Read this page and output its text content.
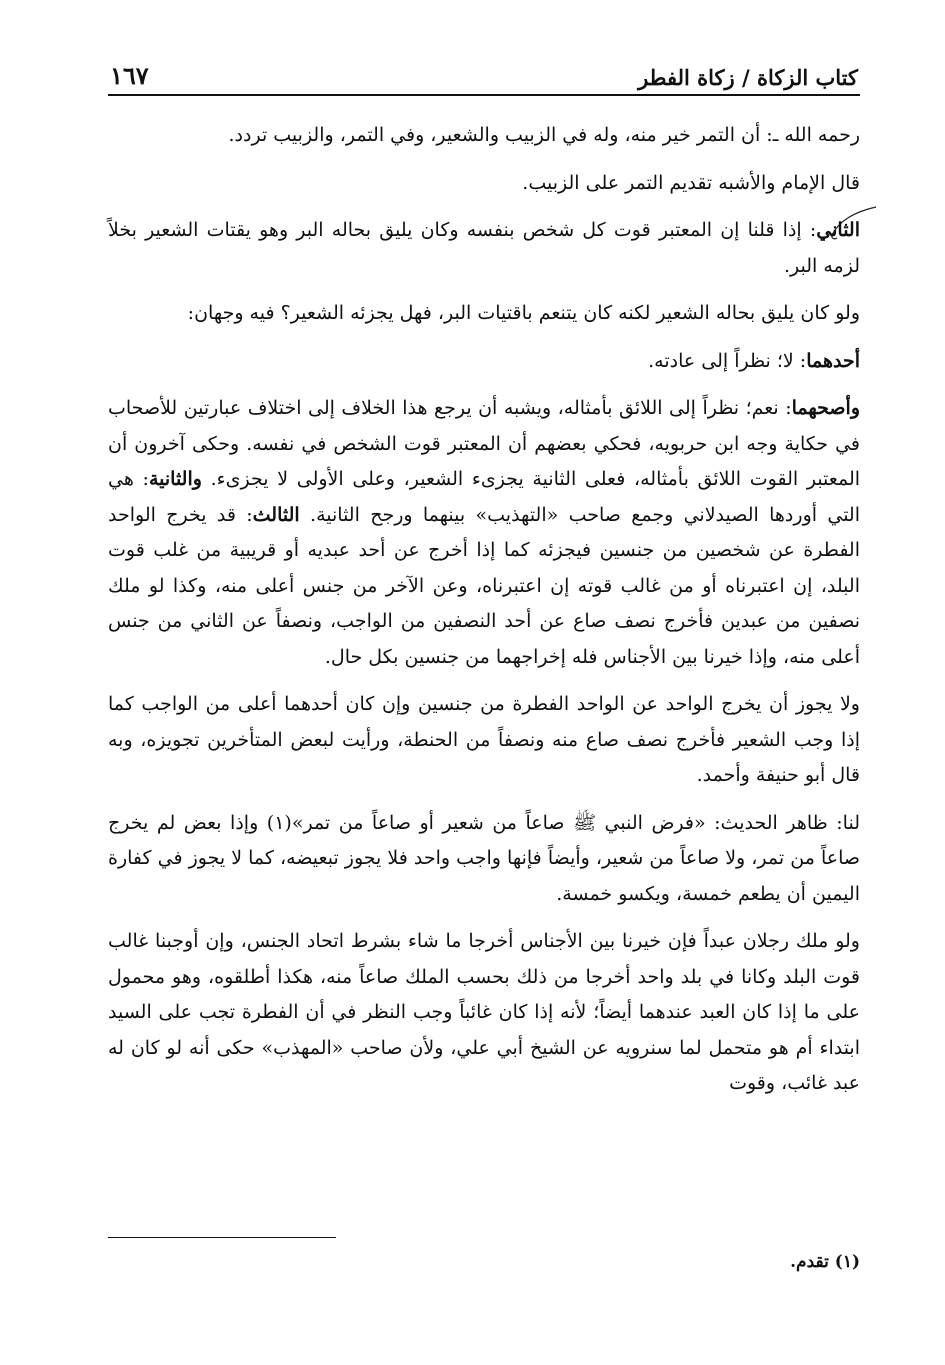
كتاب الزكاة / زكاة الفطر
١٦٧

رحمه الله ـ: أن التمر خير منه، وله في الزبيب والشعير، وفي التمر، والزبيب تردد.

قال الإمام والأشبه تقديم التمر على الزبيب.

الثاني: إذا قلنا إن المعتبر قوت كل شخص بنفسه وكان يليق بحاله البر وهو يقتات الشعير بخلاً لزمه البر.

ولو كان يليق بحاله الشعير لكنه كان يتنعم باقتيات البر، فهل يجزئه الشعير؟ فيه وجهان:

أحدهما: لا؛ نظراً إلى عادته.

وأصحهما: نعم؛ نظراً إلى اللائق بأمثاله، ويشبه أن يرجع هذا الخلاف إلى اختلاف عبارتين للأصحاب في حكاية وجه ابن حربويه، فحكي بعضهم أن المعتبر قوت الشخص في نفسه. وحكى آخرون أن المعتبر القوت اللائق بأمثاله، فعلى الثانية يجزىء الشعير، وعلى الأولى لا يجزىء. والثانية: هي التي أوردها الصيدلاني وجمع صاحب «التهذيب» بينهما ورجح الثانية. الثالث: قد يخرج الواحد الفطرة عن شخصين من جنسين فيجزئه كما إذا أخرج عن أحد عبديه أو قريبية من غلب قوت البلد، إن اعتبرناه أو من غالب قوته إن اعتبرناه، وعن الآخر من جنس أعلى منه، وكذا لو ملك نصفين من عبدين فأخرج نصف صاع عن أحد النصفين من الواجب، ونصفاً عن الثاني من جنس أعلى منه، وإذا خيرنا بين الأجناس فله إخراجهما من جنسين بكل حال.

ولا يجوز أن يخرج الواحد عن الواحد الفطرة من جنسين وإن كان أحدهما أعلى من الواجب كما إذا وجب الشعير فأخرج نصف صاع منه ونصفاً من الحنطة، ورأيت لبعض المتأخرين تجويزه، وبه قال أبو حنيفة وأحمد.

لنا: ظاهر الحديث: «فرض النبي ﷺ صاعاً من شعير أو صاعاً من تمر»(١) وإذا بعض لم يخرج صاعاً من تمر، ولا صاعاً من شعير، وأيضاً فإنها واجب واحد فلا يجوز تبعيضه، كما لا يجوز في كفارة اليمين أن يطعم خمسة، ويكسو خمسة.

ولو ملك رجلان عبداً فإن خيرنا بين الأجناس أخرجا ما شاء بشرط اتحاد الجنس، وإن أوجبنا غالب قوت البلد وكانا في بلد واحد أخرجا من ذلك بحسب الملك صاعاً منه، هكذا أطلقوه، وهو محمول على ما إذا كان العبد عندهما أيضاً؛ لأنه إذا كان غائباً وجب النظر في أن الفطرة تجب على السيد ابتداء أم هو متحمل لما سنرويه عن الشيخ أبي علي، ولأن صاحب «المهذب» حكى أنه لو كان له عبد غائب، وقوت

(١) تقدم.
